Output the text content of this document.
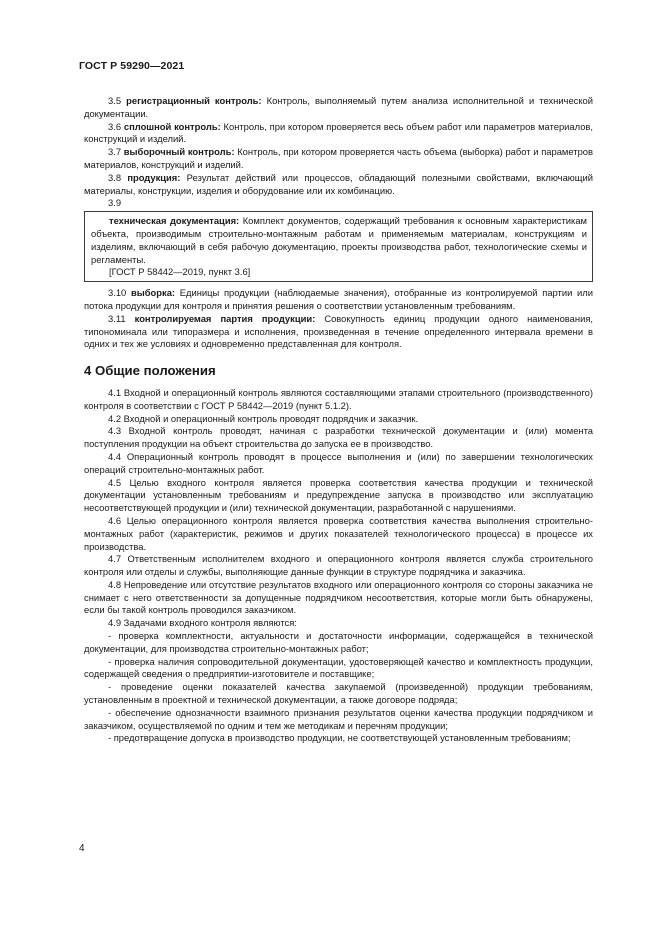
ГОСТ Р 59290—2021

3.5 регистрационный контроль: Контроль, выполняемый путем анализа исполнительной и технической документации.

3.6 сплошной контроль: Контроль, при котором проверяется весь объем работ или параметров материалов, конструкций и изделий.

3.7 выборочный контроль: Контроль, при котором проверяется часть объема (выборка) работ и параметров материалов, конструкций и изделий.

3.8 продукция: Результат действий или процессов, обладающий полезными свойствами, включающий материалы, конструкции, изделия и оборудование или их комбинацию.

3.9

техническая документация: Комплект документов, содержащий требования к основным характеристикам объекта, производимым строительно-монтажным работам и применяемым материалам, конструкциям и изделиям, включающий в себя рабочую документацию, проекты производства работ, технологические схемы и регламенты.

[ГОСТ Р 58442—2019, пункт 3.6]

3.10 выборка: Единицы продукции (наблюдаемые значения), отобранные из контролируемой партии или потока продукции для контроля и принятия решения о соответствии установленным требованиям.

3.11 контролируемая партия продукции: Совокупность единиц продукции одного наименования, типономинала или типоразмера и исполнения, произведенная в течение определенного интервала времени в одних и тех же условиях и одновременно представленная для контроля.

4 Общие положения

4.1 Входной и операционный контроль являются составляющими этапами строительного (производственного) контроля в соответствии с ГОСТ Р 58442—2019 (пункт 5.1.2).

4.2 Входной и операционный контроль проводят подрядчик и заказчик.

4.3 Входной контроль проводят, начиная с разработки технической документации и (или) момента поступления продукции на объект строительства до запуска ее в производство.

4.4 Операционный контроль проводят в процессе выполнения и (или) по завершении технологических операций строительно-монтажных работ.

4.5 Целью входного контроля является проверка соответствия качества продукции и технической документации установленным требованиям и предупреждение запуска в производство или эксплуатацию несоответствующей продукции и (или) технической документации, разработанной с нарушениями.

4.6 Целью операционного контроля является проверка соответствия качества выполнения строительно-монтажных работ (характеристик, режимов и других показателей технологического процесса) в процессе их производства.

4.7 Ответственным исполнителем входного и операционного контроля является служба строительного контроля или отделы и службы, выполняющие данные функции в структуре подрядчика и заказчика.

4.8 Непроведение или отсутствие результатов входного или операционного контроля со стороны заказчика не снимает с него ответственности за допущенные подрядчиком несоответствия, которые могли быть обнаружены, если бы такой контроль проводился заказчиком.

4.9 Задачами входного контроля являются:

- проверка комплектности, актуальности и достаточности информации, содержащейся в технической документации, для производства строительно-монтажных работ;

- проверка наличия сопроводительной документации, удостоверяющей качество и комплектность продукции, содержащей сведения о предприятии-изготовителе и поставщике;

- проведение оценки показателей качества закупаемой (произведенной) продукции требованиям, установленным в проектной и технической документации, а также договоре подряда;

- обеспечение однозначности взаимного признания результатов оценки качества продукции подрядчиком и заказчиком, осуществляемой по одним и тем же методикам и перечням продукции;

- предотвращение допуска в производство продукции, не соответствующей установленным требованиям;

4
